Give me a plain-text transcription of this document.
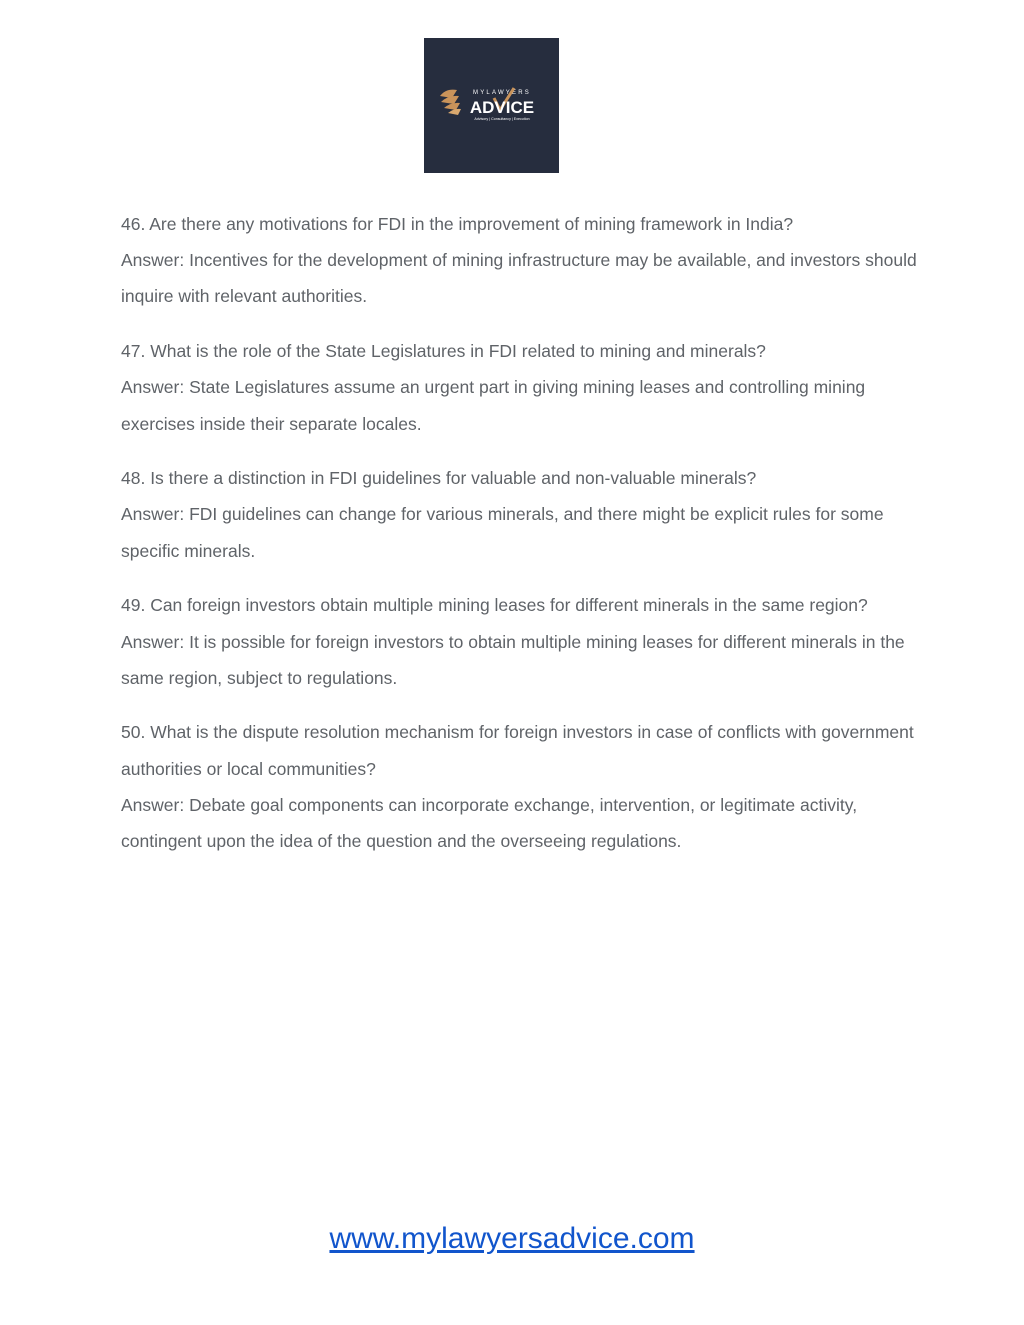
MYLAWYERS
ADVICE
Advisory | Consultancy | Execution

46. Are there any motivations for FDI in the improvement of mining framework in India?

Answer: Incentives for the development of mining infrastructure may be available, and investors should inquire with relevant authorities.

47. What is the role of the State Legislatures in FDI related to mining and minerals?

Answer: State Legislatures assume an urgent part in giving mining leases and controlling mining exercises inside their separate locales.

48. Is there a distinction in FDI guidelines for valuable and non-valuable minerals?

Answer: FDI guidelines can change for various minerals, and there might be explicit rules for some specific minerals.

49. Can foreign investors obtain multiple mining leases for different minerals in the same region?

Answer: It is possible for foreign investors to obtain multiple mining leases for different minerals in the same region, subject to regulations.

50. What is the dispute resolution mechanism for foreign investors in case of conflicts with government authorities or local communities?

Answer: Debate goal components can incorporate exchange, intervention, or legitimate activity, contingent upon the idea of the question and the overseeing regulations.

www.mylawyersadvice.com
